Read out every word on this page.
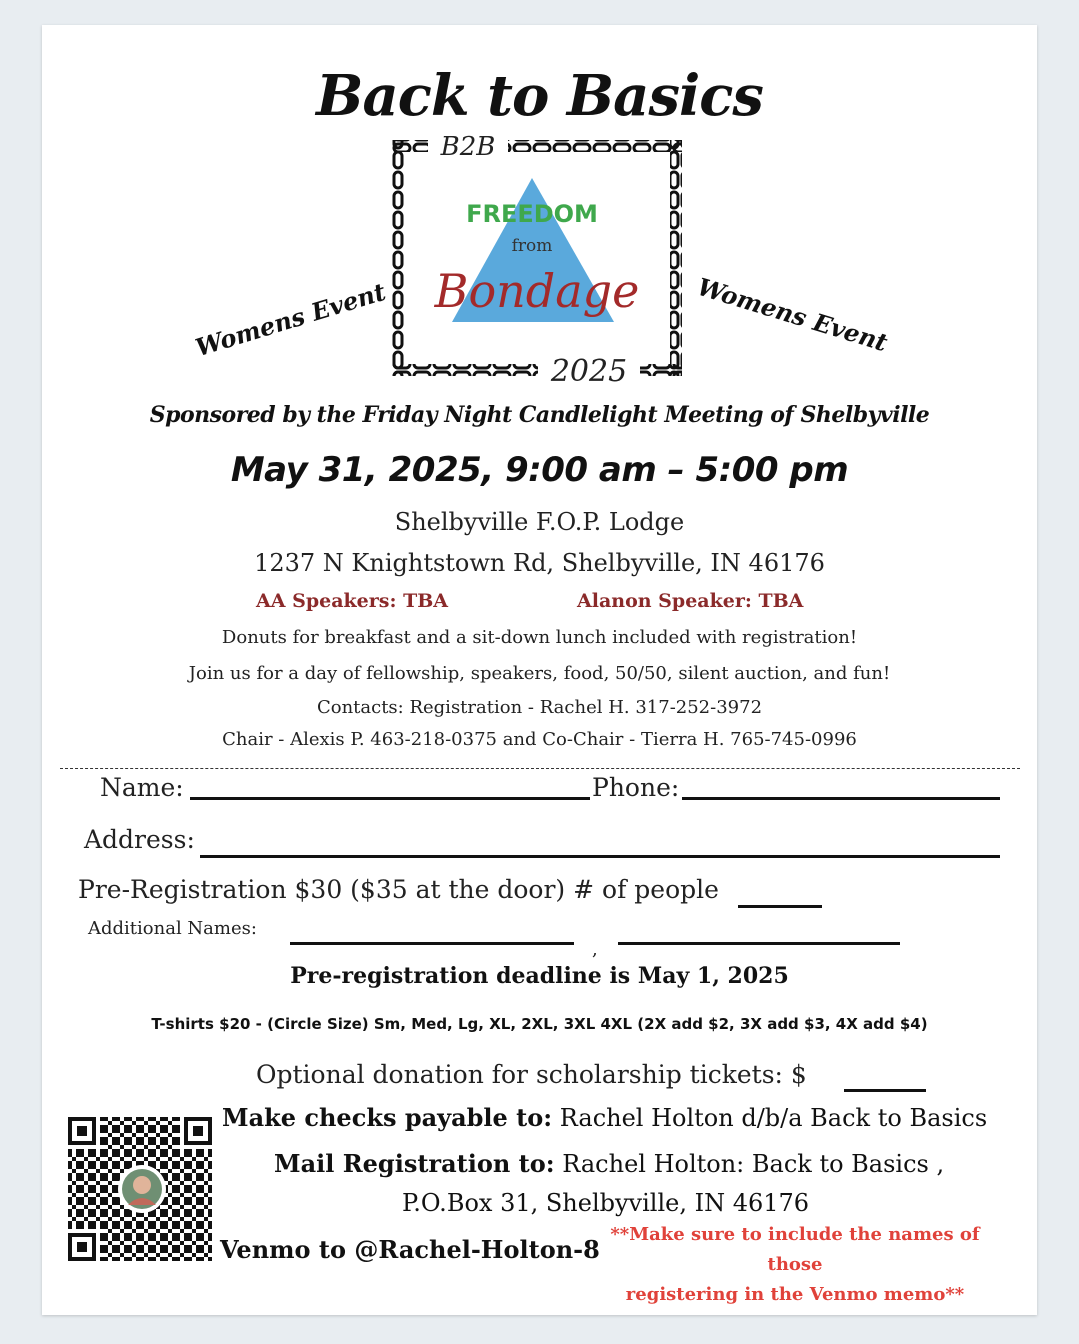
Back to Basics
B2B
2025
FREEDOM
from
Bondage
Womens Event	Womens Event
Sponsored by the Friday Night Candlelight Meeting of Shelbyville
May 31, 2025, 9:00 am – 5:00 pm
Shelbyville F.O.P. Lodge
1237 N Knightstown Rd, Shelbyville, IN 46176
AA Speakers: TBA	Alanon Speaker: TBA
Donuts for breakfast and a sit-down lunch included with registration!
Join us for a day of fellowship, speakers, food, 50/50, silent auction, and fun!
Contacts: Registration - Rachel H. 317-252-3972
Chair - Alexis P. 463-218-0375 and Co-Chair - Tierra H. 765-745-0996
Name:	Phone:
Address:
Pre-Registration $30 ($35 at the door) # of people
Additional Names:
,
Pre-registration deadline is May 1, 2025
T-shirts $20 - (Circle Size) Sm, Med, Lg, XL, 2XL, 3XL 4XL (2X add $2, 3X add $3, 4X add $4)
Optional donation for scholarship tickets: $
Make checks payable to: Rachel Holton d/b/a Back to Basics
Mail Registration to: Rachel Holton: Back to Basics ,
P.O.Box 31, Shelbyville, IN 46176
Venmo to @Rachel-Holton-8
**Make sure to include the names of those
registering in the Venmo memo**
